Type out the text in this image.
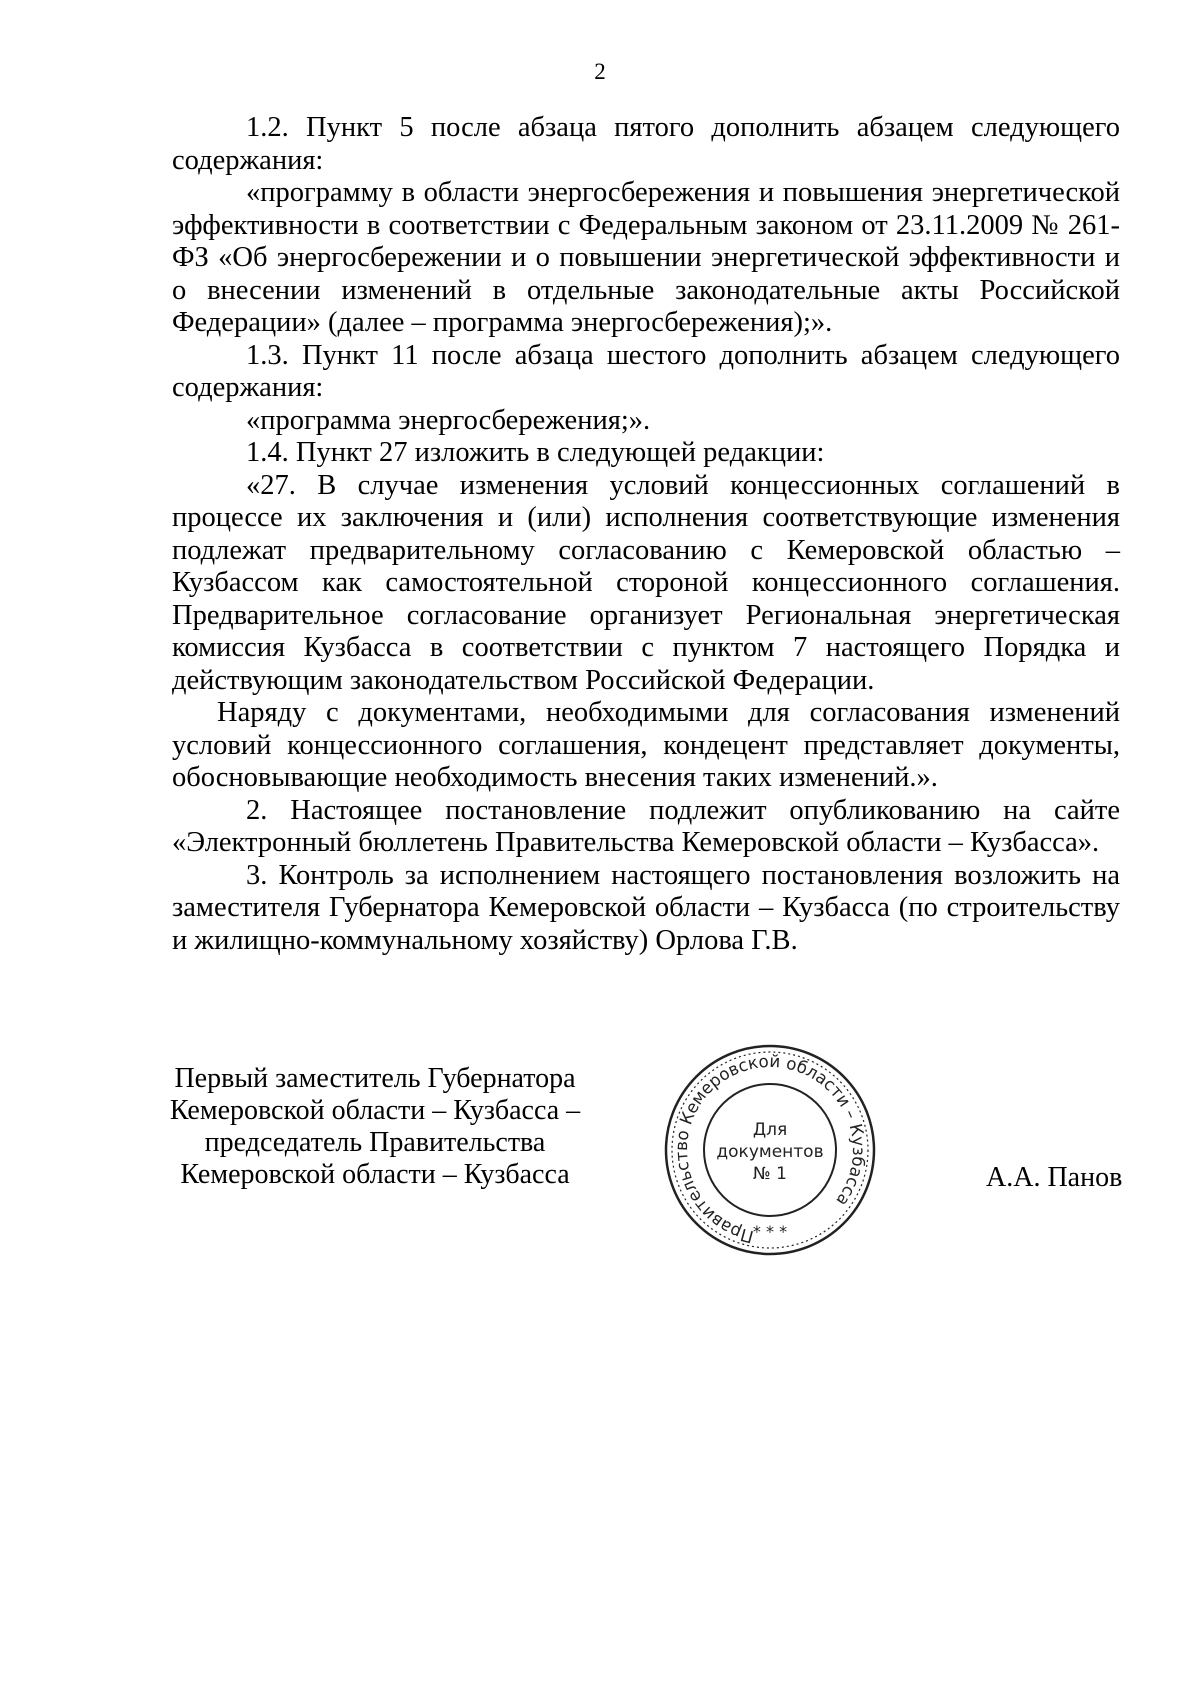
2

1.2. Пункт 5 после абзаца пятого дополнить абзацем следующего содержания:

«программу в области энергосбережения и повышения энергетической эффективности в соответствии с Федеральным законом от 23.11.2009 № 261-ФЗ «Об энергосбережении и о повышении энергетической эффективности и о внесении изменений в отдельные законодательные акты Российской Федерации» (далее – программа энергосбережения);».

1.3. Пункт 11 после абзаца шестого дополнить абзацем следующего содержания:

«программа энергосбережения;».

1.4. Пункт 27 изложить в следующей редакции:

«27. В случае изменения условий концессионных соглашений в процессе их заключения и (или) исполнения соответствующие изменения подлежат предварительному согласованию с Кемеровской областью – Кузбассом как самостоятельной стороной концессионного соглашения. Предварительное согласование организует Региональная энергетическая комиссия Кузбасса в соответствии с пунктом 7 настоящего Порядка и действующим законодательством Российской Федерации.

Наряду с документами, необходимыми для согласования изменений условий концессионного соглашения, кондецент представляет документы, обосновывающие необходимость внесения таких изменений.».

2. Настоящее постановление подлежит опубликованию на сайте «Электронный бюллетень Правительства Кемеровской области – Кузбасса».

3. Контроль за исполнением настоящего постановления возложить на заместителя Губернатора Кемеровской области – Кузбасса (по строительству и жилищно-коммунальному хозяйству) Орлова Г.В.

Первый заместитель Губернатора
Кемеровской области – Кузбасса –
председатель Правительства
Кемеровской области – Кузбасса
Правительство Кемеровской области – Кузбасса
Для
документов
№ 1
* * *
А.А. Панов
